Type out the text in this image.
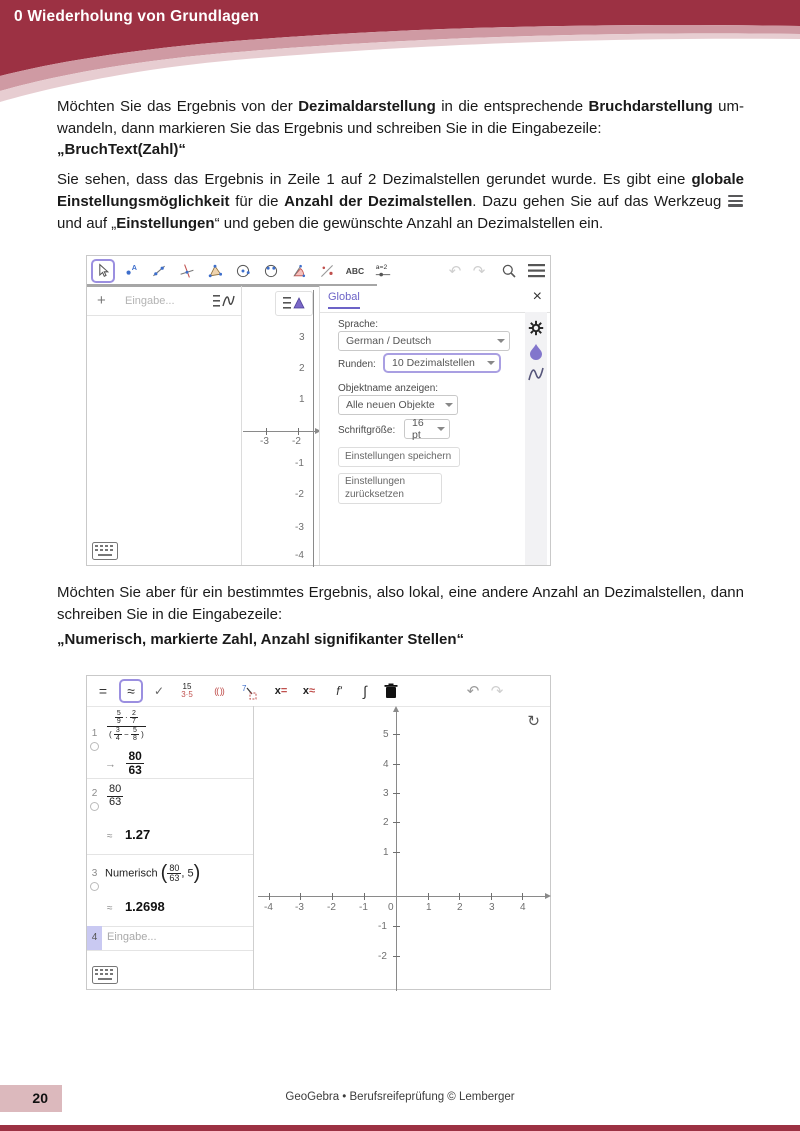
0 Wiederholung von Grundlagen

Möchten Sie das Ergebnis von der Dezimaldarstellung in die entsprechende Bruchdarstellung umwandeln, dann markieren Sie das Ergebnis und schreiben Sie in die Eingabezeile:

„BruchText(Zahl)“

Sie sehen, dass das Ergebnis in Zeile 1 auf 2 Dezimalstellen gerundet wurde. Es gibt eine globale Einstellungsmöglichkeit für die Anzahl der Dezimalstellen. Dazu gehen Sie auf das Werkzeug
und auf „Einstellungen“ und geben die gewünschte Anzahl an Dezimalstellen ein.

A	ABC a=2	↶ ↷
+ Eingabe...
-3 -2
3
2
1
-1
-2
-3
-4
Global	×
Sprache:
German / Deutsch
Runden: 10 Dezimalstellen
Objektname anzeigen:
Alle neuen Objekte
Schriftgröße:
16 pt
Einstellungen speichern
Einstellungen
zurücksetzen

Möchten Sie aber für ein bestimmtes Ergebnis, also lokal, eine andere Anzahl an Dezimalstellen, dann schreiben Sie in die Eingabezeile:

„Numerisch, markierte Zahl, Anzahl signifikanter Stellen“
= ≈ ✓ 15
3·5 (( )) 7	x= x≈ f' ∫	↶ ↷
1
$\frac{5}{9} \cdot \frac{2}{7}$
( $\frac{3}{4} - \frac{5}{8}$ )
→ $\frac{80}{63}$
$2 \frac{80}{63}$
≈ 1.27
3 Numerisch ( $\frac{80}{63}$ , 5)
≈ 1.2698
4 Eingabe...
↻
-4 -3 -2 -1 0	1	2	3	4
5
4
3
2
1
-1
-2
20	GeoGebra • Berufsreifeprüfung © Lemberger
